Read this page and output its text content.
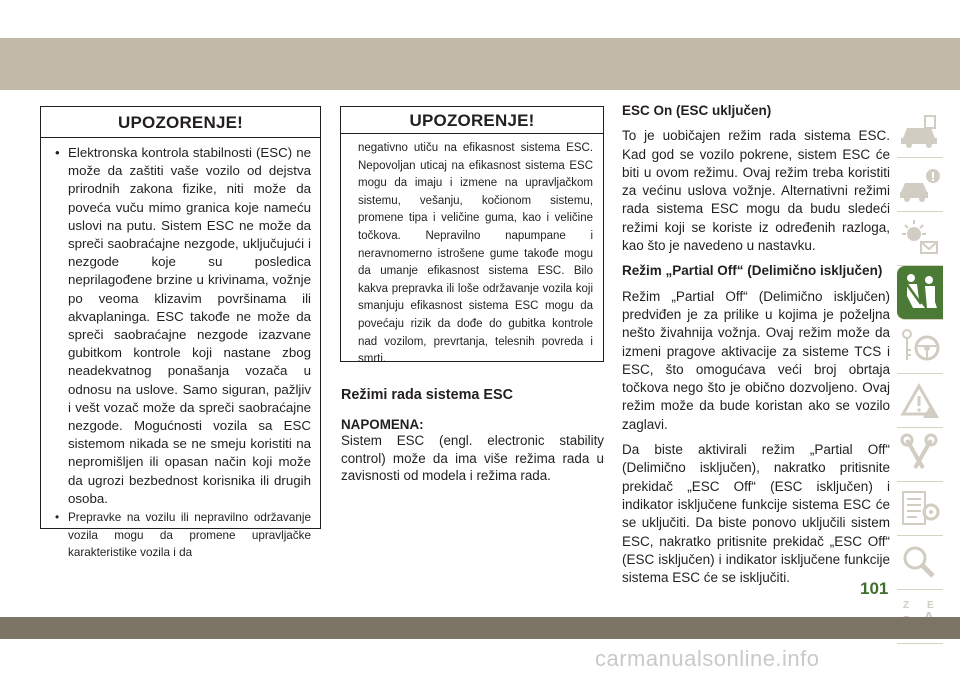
UPOZORENJE!
• Elektronska kontrola stabilnosti (ESC) ne može da zaštiti vaše vozilo od dejstva prirodnih zakona fizike, niti može da poveća vuču mimo granica koje nameću uslovi na putu. Sistem ESC ne može da spreči saobraćajne nezgode, uključujući i nezgode koje su posledica neprilagođene brzine u krivinama, vožnje po veoma klizavim površinama ili akvaplaninga. ESC takođe ne može da spreči saobraćajne nezgode izazvane gubitkom kontrole koji nastane zbog neadekvatnog ponašanja vozača u odnosu na uslove. Samo siguran, pažljiv i vešt vozač može da spreči saobraćajne nezgode. Mogućnosti vozila sa ESC sistemom nikada se ne smeju koristiti na nepromišljen ili opasan način koji može da ugrozi bezbednost korisnika ili drugih osoba.
• Prepravke na vozilu ili nepravilno održavanje vozila mogu da promene upravljačke karakteristike vozila i da
UPOZORENJE!
negativno utiču na efikasnost sistema ESC. Nepovoljan uticaj na efikasnost sistema ESC mogu da imaju i izmene na upravljačkom sistemu, vešanju, kočionom sistemu, promene tipa i veličine guma, kao i veličine točkova. Nepravilno napumpane i neravnomerno istrošene gume takođe mogu da umanje efikasnost sistema ESC. Bilo kakva prepravka ili loše održavanje vozila koji smanjuju efikasnost sistema ESC mogu da povećaju rizik da dođe do gubitka kontrole nad vozilom, prevrtanja, telesnih povreda i smrti.
Režimi rada sistema ESC
NAPOMENA:
Sistem ESC (engl. electronic stability control) može da ima više režima rada u zavisnosti od modela i režima rada.

ESC On (ESC uključen)

To je uobičajen režim rada sistema ESC. Kad god se vozilo pokrene, sistem ESC će biti u ovom režimu. Ovaj režim treba koristiti za većinu uslova vožnje. Alternativni režimi rada sistema ESC mogu da budu sledeći režimi koji se koriste iz određenih razloga, kao što je navedeno u nastavku.

Režim „Partial Off“ (Delimično isključen)

Režim „Partial Off“ (Delimično isključen) predviđen je za prilike u kojima je poželjna nešto živahnija vožnja. Ovaj režim može da izmeni pragove aktivacije za sisteme TCS i ESC, što omogućava veći broj obrtaja točkova nego što je obično dozvoljeno. Ovaj režim može da bude koristan ako se vozilo zaglavi.

Da biste aktivirali režim „Partial Off“ (Delimično isključen), nakratko pritisnite prekidač „ESC Off“ (ESC isključen) i indikator isključene funkcije sistema ESC će se uključiti. Da biste ponovo uključili sistem ESC, nakratko pritisnite prekidač „ESC Off“ (ESC isključen) i indikator isključene funkcije sistema ESC će se isključiti.

Z E
101
carmanualsonline.info
